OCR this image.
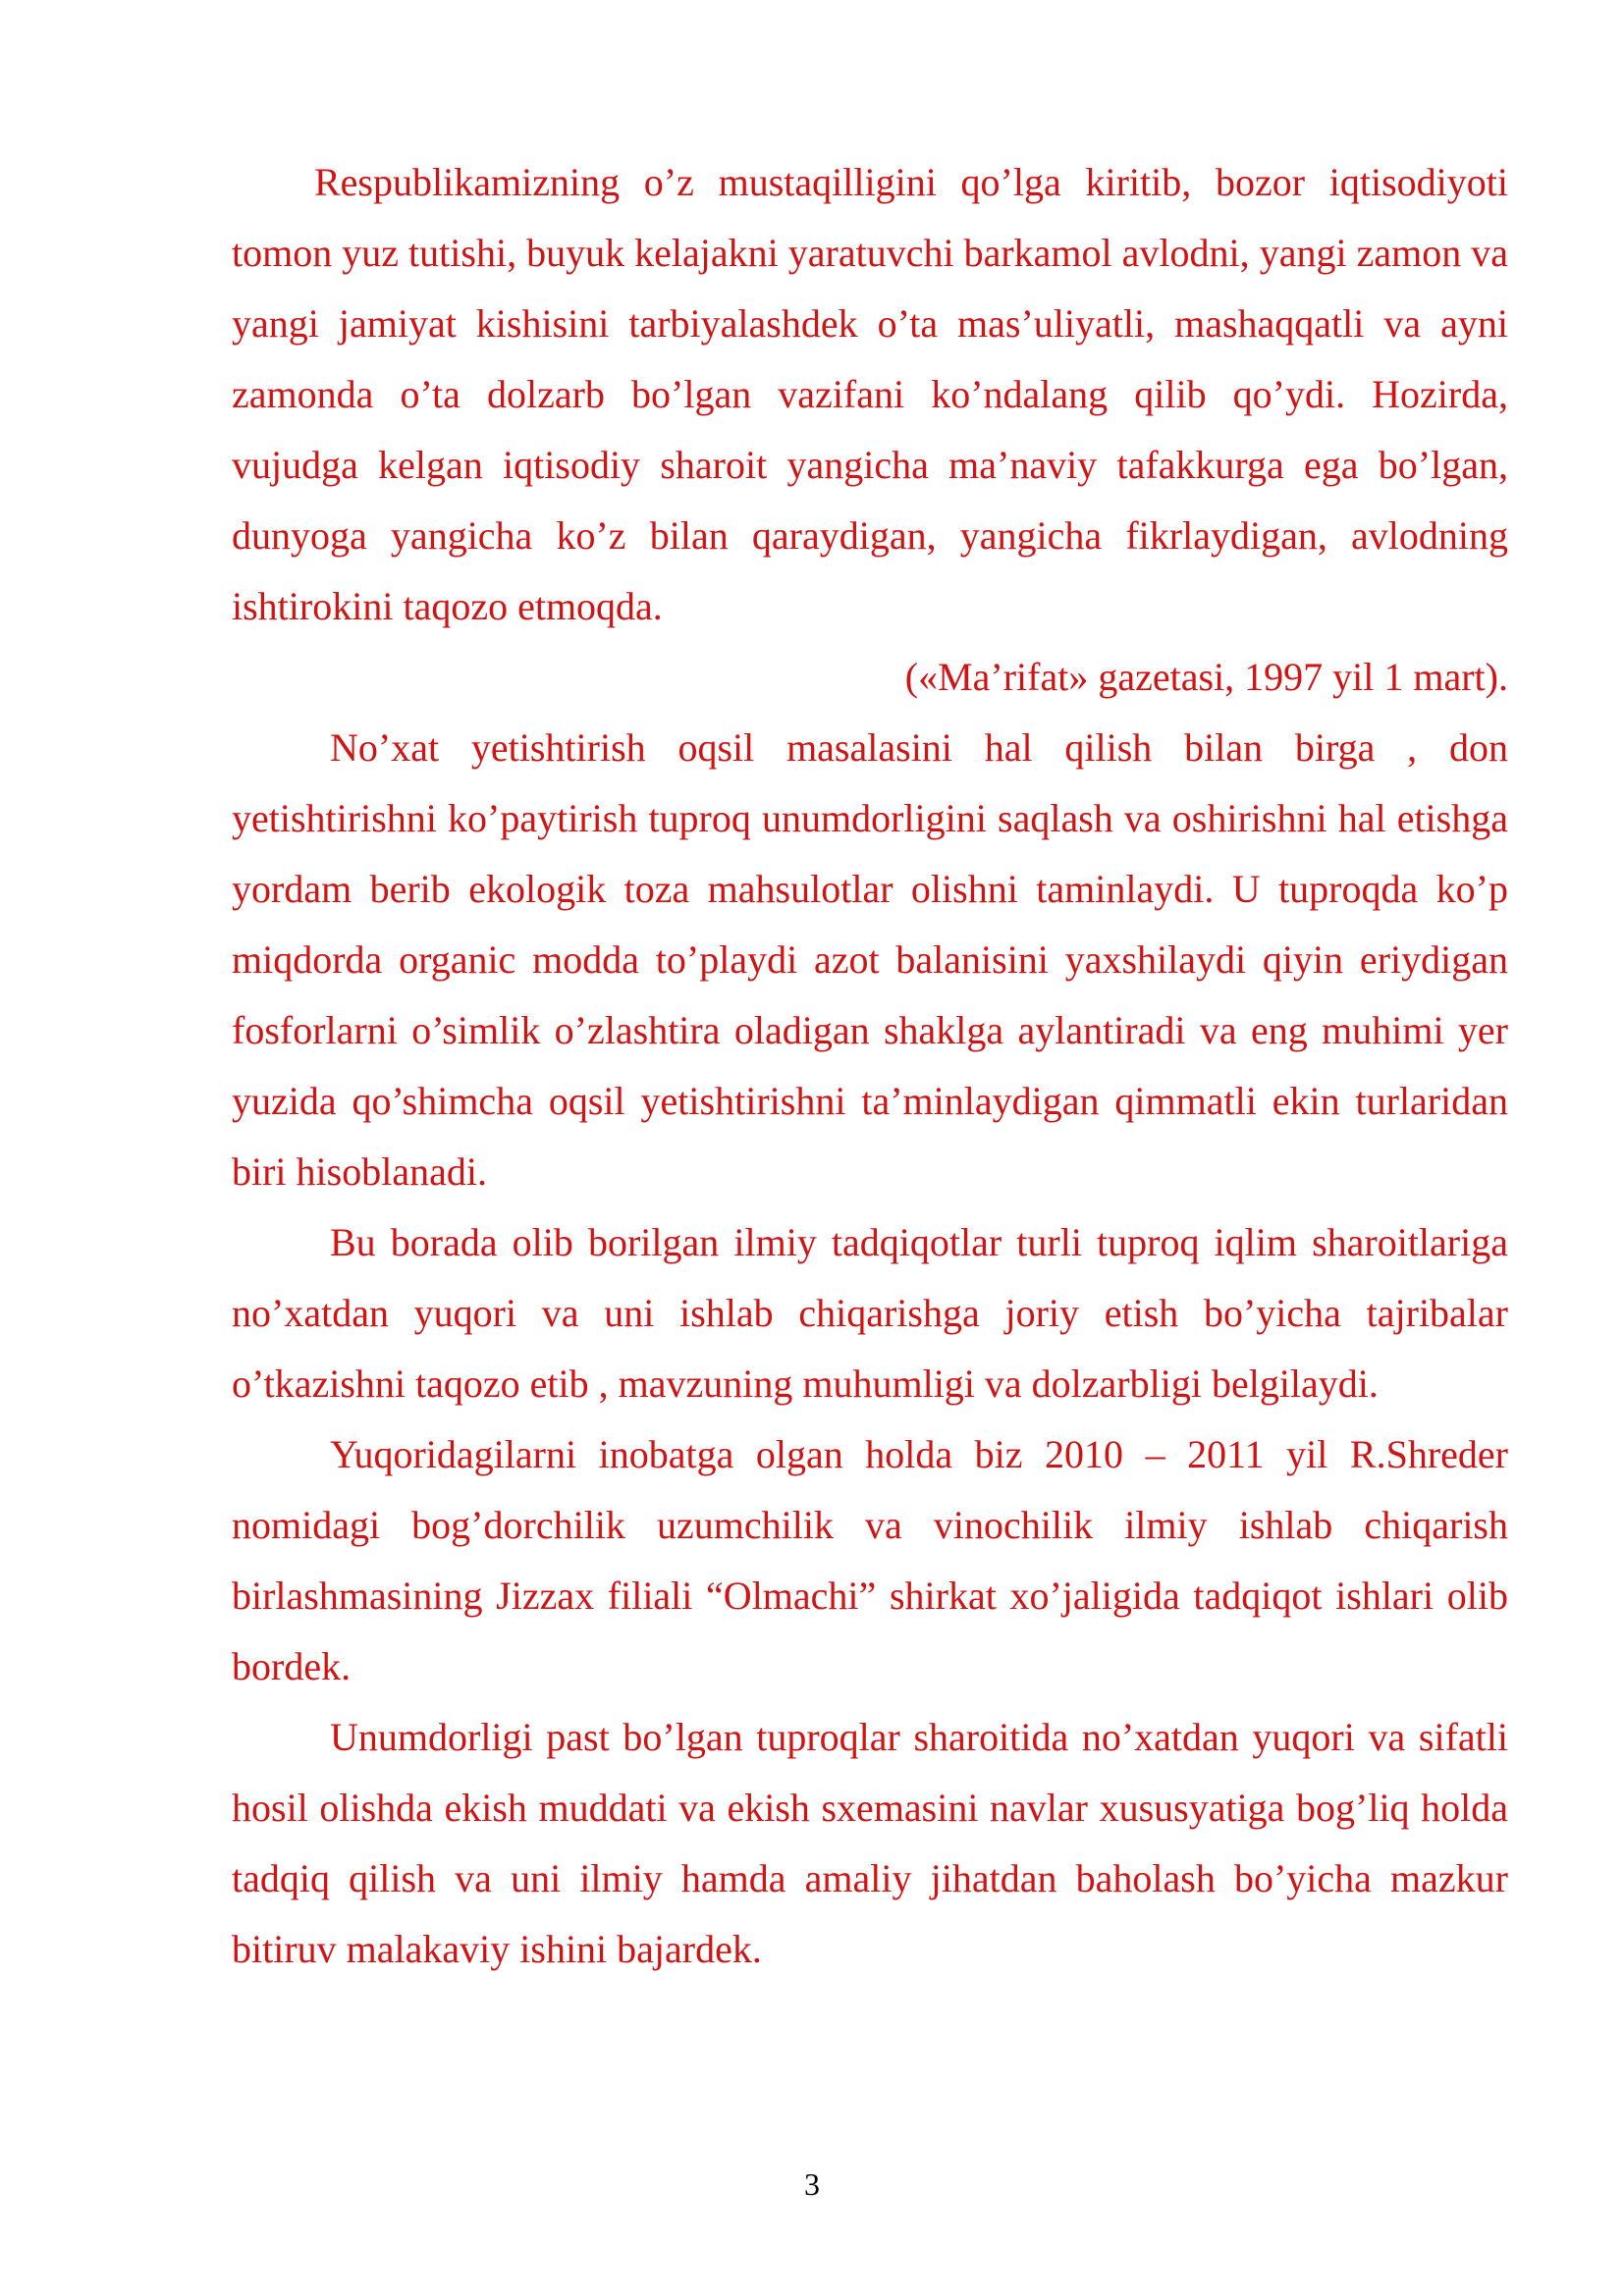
Respublikamizning o’z mustaqilligini qo’lga kiritib, bozor iqtisodiyoti tomon yuz tutishi, buyuk kelajakni yaratuvchi barkamol avlodni, yangi zamon va yangi jamiyat kishisini tarbiyalashdek o’ta mas’uliyatli, mashaqqatli va ayni zamonda o’ta dolzarb bo’lgan vazifani ko’ndalang qilib qo’ydi. Hozirda, vujudga kelgan iqtisodiy sharoit yangicha ma’naviy tafakkurga ega bo’lgan, dunyoga yangicha ko’z bilan qaraydigan, yangicha fikrlaydigan, avlodning ishtirokini taqozo etmoqda.

(«Ma’rifat» gazetasi, 1997 yil 1 mart).

No’xat yetishtirish oqsil masalasini hal qilish bilan birga , don yetishtirishni ko’paytirish tuproq unumdorligini saqlash va oshirishni hal etishga yordam berib ekologik toza mahsulotlar olishni taminlaydi. U tuproqda ko’p miqdorda organic modda to’playdi azot balanisini yaxshilaydi qiyin eriydigan fosforlarni o’simlik o’zlashtira oladigan shaklga aylantiradi va eng muhimi yer yuzida qo’shimcha oqsil yetishtirishni ta’minlaydigan qimmatli ekin turlaridan biri hisoblanadi.

Bu borada olib borilgan ilmiy tadqiqotlar turli tuproq iqlim sharoitlariga no’xatdan yuqori va uni ishlab chiqarishga joriy etish bo’yicha tajribalar o’tkazishni taqozo etib , mavzuning muhumligi va dolzarbligi belgilaydi.

Yuqoridagilarni inobatga olgan holda biz 2010 – 2011 yil R.Shreder nomidagi bog’dorchilik uzumchilik va vinochilik ilmiy ishlab chiqarish birlashmasining Jizzax filiali “Olmachi” shirkat xo’jaligida tadqiqot ishlari olib bordek.

Unumdorligi past bo’lgan tuproqlar sharoitida no’xatdan yuqori va sifatli hosil olishda ekish muddati va ekish sxemasini navlar xususyatiga bog’liq holda tadqiq qilish va uni ilmiy hamda amaliy jihatdan baholash bo’yicha mazkur bitiruv malakaviy ishini bajardek.

3
